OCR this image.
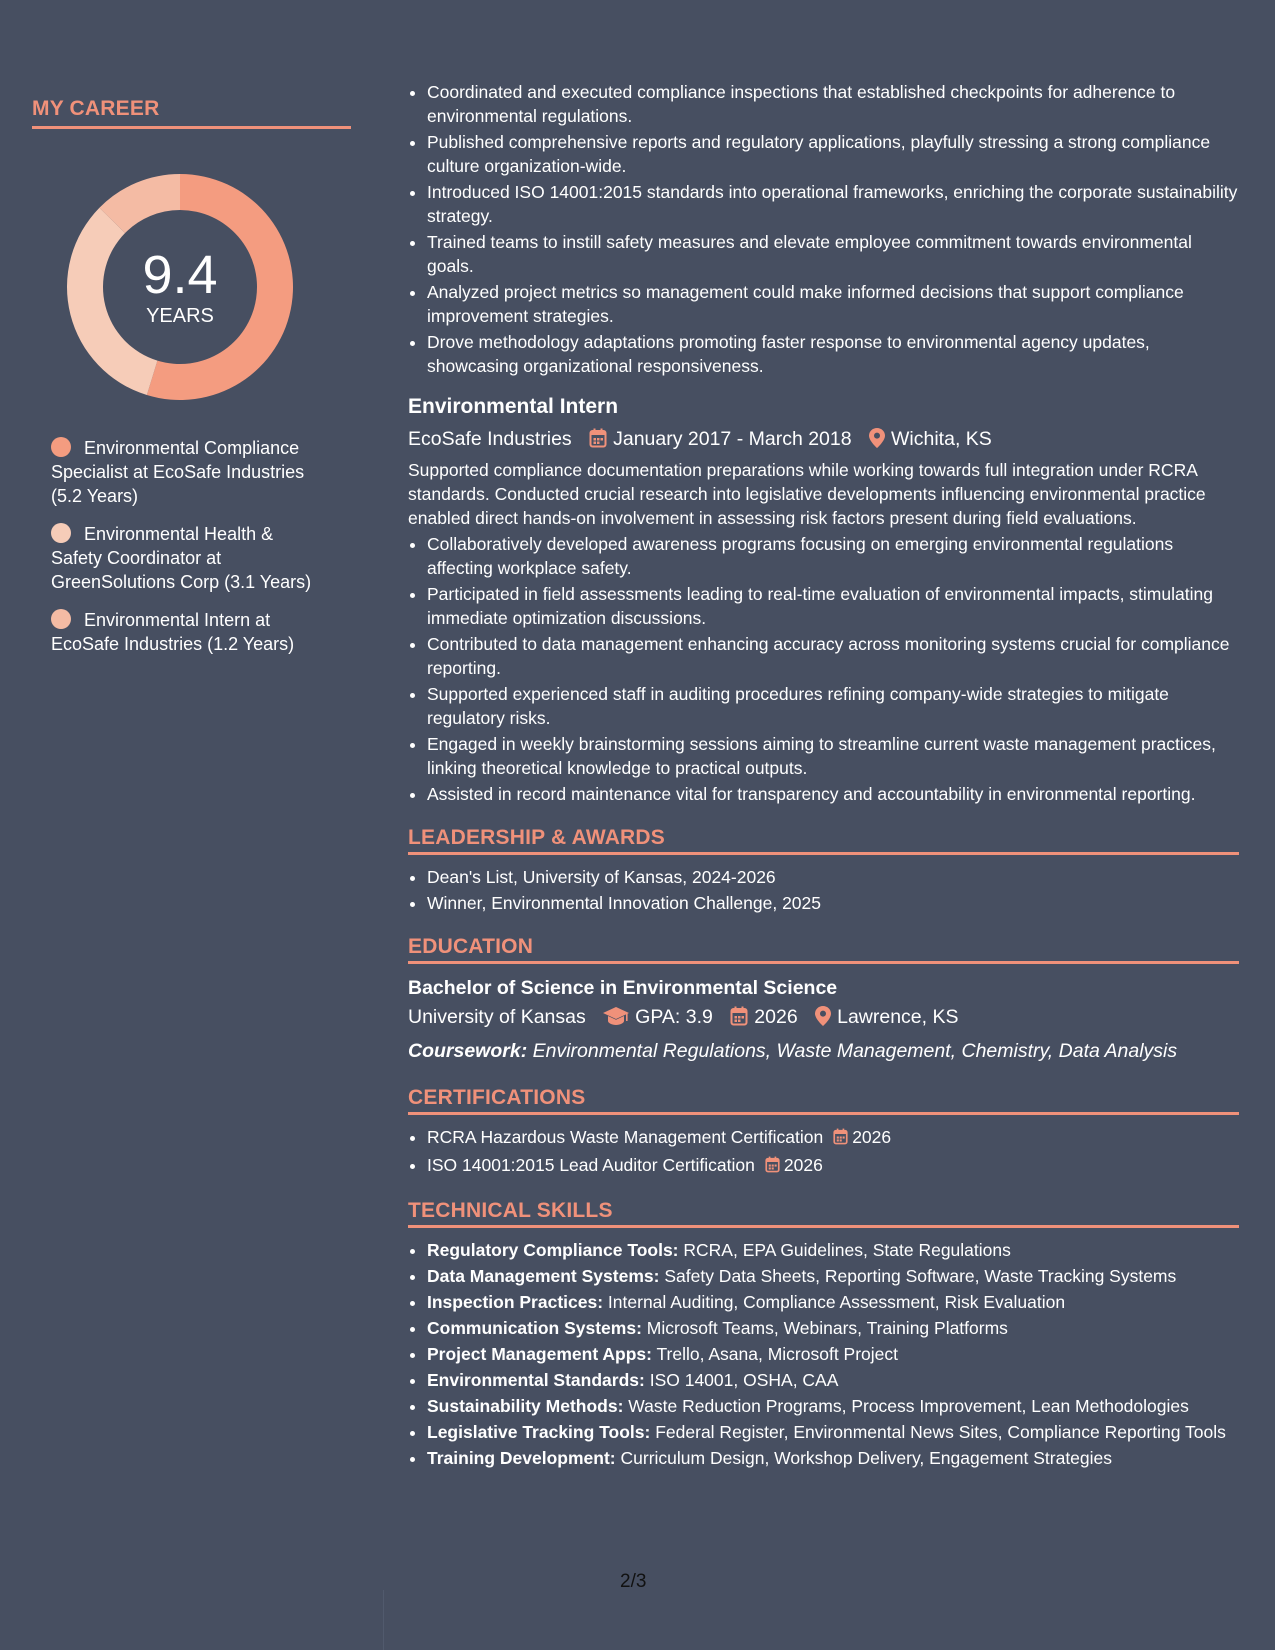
MY CAREER
9.4
YEARS
Environmental Compliance Specialist at EcoSafe Industries (5.2 Years)
Environmental Health & Safety Coordinator at GreenSolutions Corp (3.1 Years)
Environmental Intern at EcoSafe Industries (1.2 Years)
• Coordinated and executed compliance inspections that established checkpoints for adherence to environmental regulations.
• Published comprehensive reports and regulatory applications, playfully stressing a strong compliance culture organization-wide.
• Introduced ISO 14001:2015 standards into operational frameworks, enriching the corporate sustainability strategy.
• Trained teams to instill safety measures and elevate employee commitment towards environmental goals.
• Analyzed project metrics so management could make informed decisions that support compliance improvement strategies.
• Drove methodology adaptations promoting faster response to environmental agency updates, showcasing organizational responsiveness.
Environmental Intern
EcoSafe Industries January 2017 - March 2018 Wichita, KS

Supported compliance documentation preparations while working towards full integration under RCRA standards. Conducted crucial research into legislative developments influencing environmental practice enabled direct hands-on involvement in assessing risk factors present during field evaluations.

• Collaboratively developed awareness programs focusing on emerging environmental regulations affecting workplace safety.
• Participated in field assessments leading to real-time evaluation of environmental impacts, stimulating immediate optimization discussions.
• Contributed to data management enhancing accuracy across monitoring systems crucial for compliance reporting.
• Supported experienced staff in auditing procedures refining company-wide strategies to mitigate regulatory risks.
• Engaged in weekly brainstorming sessions aiming to streamline current waste management practices, linking theoretical knowledge to practical outputs.
• Assisted in record maintenance vital for transparency and accountability in environmental reporting.
LEADERSHIP & AWARDS
• Dean's List, University of Kansas, 2024-2026
• Winner, Environmental Innovation Challenge, 2025
EDUCATION
Bachelor of Science in Environmental Science
University of Kansas	GPA: 3.9 2026 Lawrence, KS

Coursework: Environmental Regulations, Waste Management, Chemistry, Data Analysis

CERTIFICATIONS
• RCRA Hazardous Waste Management Certification 2026
• ISO 14001:2015 Lead Auditor Certification 2026
TECHNICAL SKILLS
• Regulatory Compliance Tools: RCRA, EPA Guidelines, State Regulations
• Data Management Systems: Safety Data Sheets, Reporting Software, Waste Tracking Systems
• Inspection Practices: Internal Auditing, Compliance Assessment, Risk Evaluation
• Communication Systems: Microsoft Teams, Webinars, Training Platforms
• Project Management Apps: Trello, Asana, Microsoft Project
• Environmental Standards: ISO 14001, OSHA, CAA
• Sustainability Methods: Waste Reduction Programs, Process Improvement, Lean Methodologies
• Legislative Tracking Tools: Federal Register, Environmental News Sites, Compliance Reporting Tools
• Training Development: Curriculum Design, Workshop Delivery, Engagement Strategies
2/3
